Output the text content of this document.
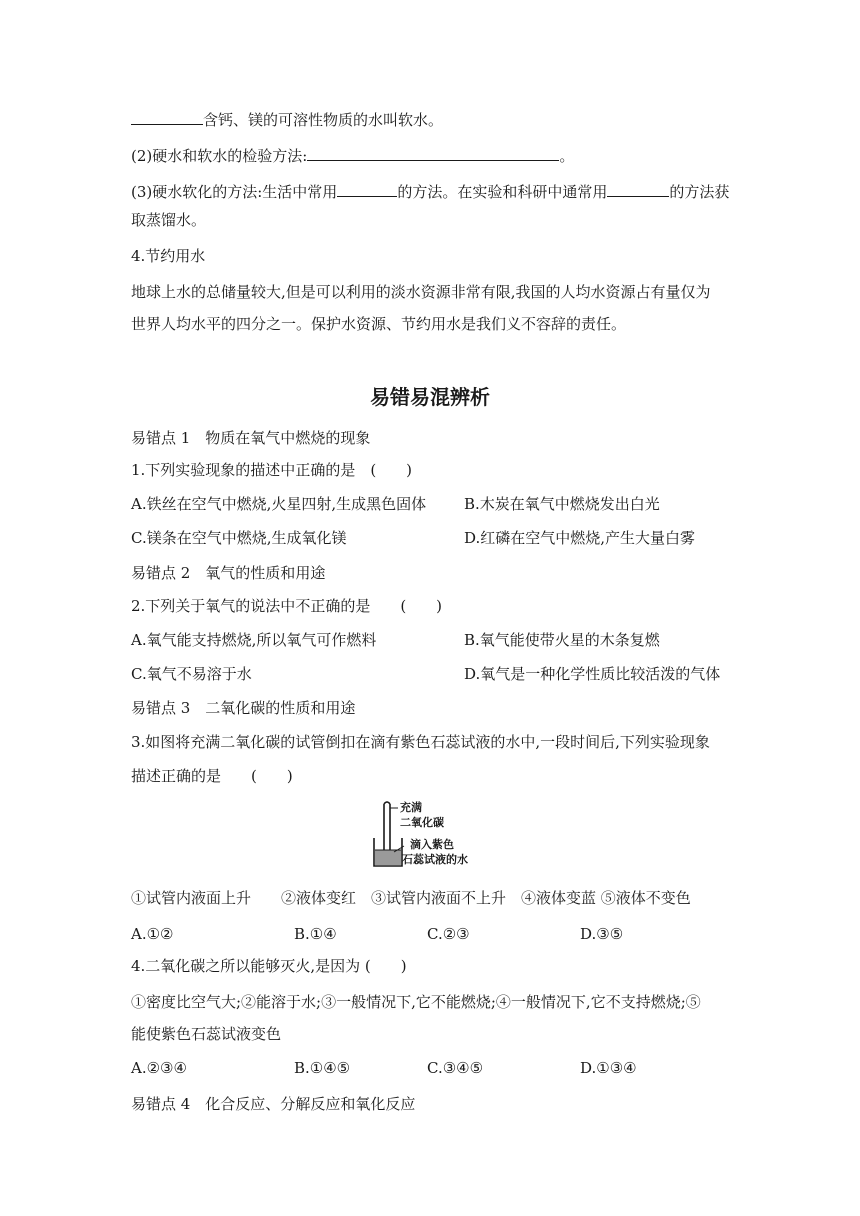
含钙、镁的可溶性物质的水叫软水。
(2)硬水和软水的检验方法:	。
(3)硬水软化的方法:生活中常用	的方法。在实验和科研中通常用	的方法获
取蒸馏水。
4.节约用水
地球上水的总储量较大,但是可以利用的淡水资源非常有限,我国的人均水资源占有量仅为
世界人均水平的四分之一。保护水资源、节约用水是我们义不容辞的责任。
易错易混辨析
易错点 1　物质在氧气中燃烧的现象
1.下列实验现象的描述中正确的是　(　　)
A.铁丝在空气中燃烧,火星四射,生成黑色固体	B.木炭在氧气中燃烧发出白光
C.镁条在空气中燃烧,生成氧化镁	D.红磷在空气中燃烧,产生大量白雾
易错点 2　氧气的性质和用途
2.下列关于氧气的说法中不正确的是　　(　　)
A.氧气能支持燃烧,所以氧气可作燃料	B.氧气能使带火星的木条复燃
C.氧气不易溶于水	D.氧气是一种化学性质比较活泼的气体
易错点 3　二氧化碳的性质和用途
3.如图将充满二氧化碳的试管倒扣在滴有紫色石蕊试液的水中,一段时间后,下列实验现象
描述正确的是　　(　　)
充满
二氧化碳
滴入紫色
石蕊试液的水
①试管内液面上升　　②液体变红　③试管内液面不上升　④液体变蓝 ⑤液体不变色
A.①②	B.①④	C.②③	D.③⑤
4.二氧化碳之所以能够灭火,是因为 (　　)
①密度比空气大;②能溶于水;③一般情况下,它不能燃烧;④一般情况下,它不支持燃烧;⑤
能使紫色石蕊试液变色
A.②③④	B.①④⑤	C.③④⑤	D.①③④
易错点 4　化合反应、分解反应和氧化反应
